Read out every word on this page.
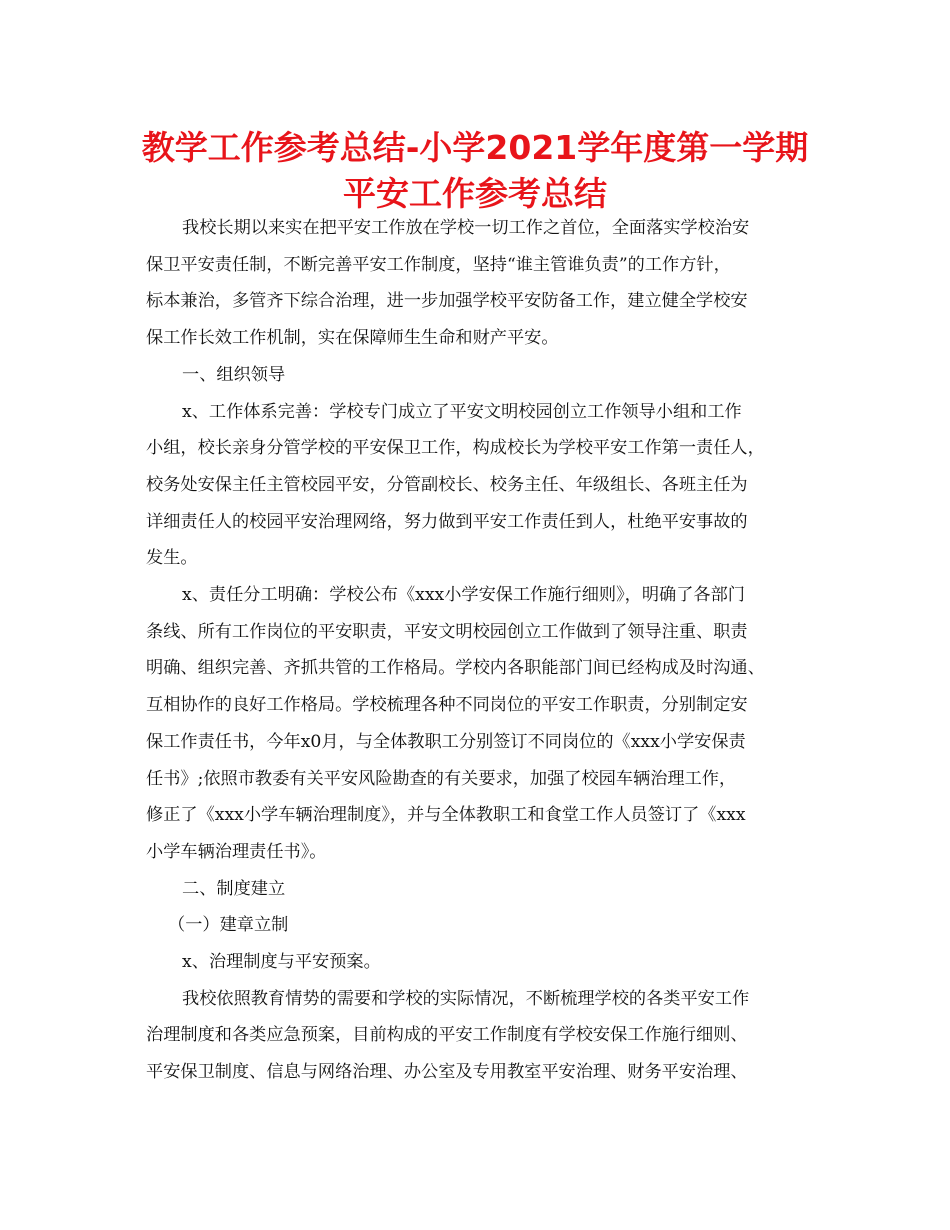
教学工作参考总结-小学2021学年度第一学期
平安工作参考总结

我校长期以来实在把平安工作放在学校一切工作之首位，全面落实学校治安
保卫平安责任制，不断完善平安工作制度，坚持“谁主管谁负责”的工作方针，
标本兼治，多管齐下综合治理，进一步加强学校平安防备工作，建立健全学校安
保工作长效工作机制，实在保障师生生命和财产平安。

一、组织领导

x、工作体系完善：学校专门成立了平安文明校园创立工作领导小组和工作
小组，校长亲身分管学校的平安保卫工作，构成校长为学校平安工作第一责任人，
校务处安保主任主管校园平安，分管副校长、校务主任、年级组长、各班主任为
详细责任人的校园平安治理网络，努力做到平安工作责任到人，杜绝平安事故的
发生。

x、责任分工明确：学校公布《xxx小学安保工作施行细则》，明确了各部门
条线、所有工作岗位的平安职责，平安文明校园创立工作做到了领导注重、职责
明确、组织完善、齐抓共管的工作格局。学校内各职能部门间已经构成及时沟通、
互相协作的良好工作格局。学校梳理各种不同岗位的平安工作职责，分别制定安
保工作责任书，今年x0月，与全体教职工分别签订不同岗位的《xxx小学安保责
任书》;依照市教委有关平安风险勘查的有关要求，加强了校园车辆治理工作，
修正了《xxx小学车辆治理制度》，并与全体教职工和食堂工作人员签订了《xxx
小学车辆治理责任书》。

二、制度建立

（一）建章立制

x、治理制度与平安预案。

我校依照教育情势的需要和学校的实际情况，不断梳理学校的各类平安工作
治理制度和各类应急预案，目前构成的平安工作制度有学校安保工作施行细则、
平安保卫制度、信息与网络治理、办公室及专用教室平安治理、财务平安治理、
